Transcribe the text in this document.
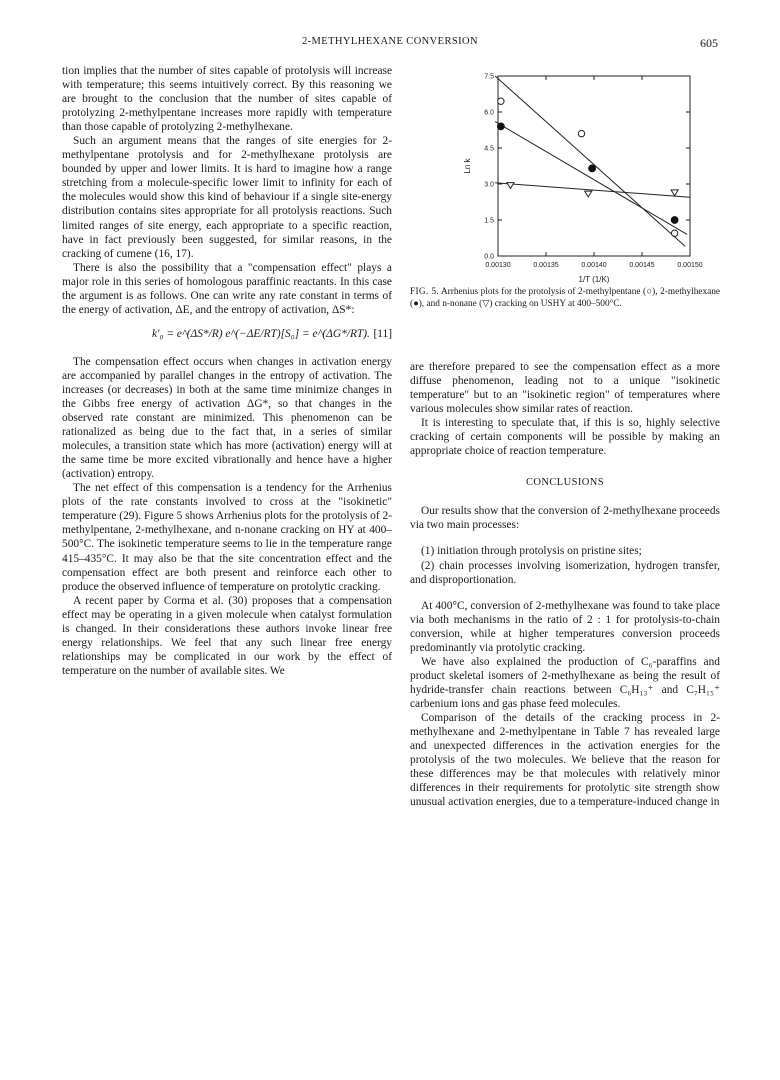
2-METHYLHEXANE CONVERSION	605

tion implies that the number of sites capable of protolysis will increase with temperature; this seems intuitively correct. By this reasoning we are brought to the conclusion that the number of sites capable of protolyzing 2-methylpentane increases more rapidly with temperature than those capable of protolyzing 2-methylhexane.

Such an argument means that the ranges of site energies for 2-methylpentane protolysis and for 2-methylhexane protolysis are bounded by upper and lower limits. It is hard to imagine how a range stretching from a molecule-specific lower limit to infinity for each of the molecules would show this kind of behaviour if a single site-energy distribution contains sites appropriate for all protolysis reactions. Such limited ranges of site energy, each appropriate to a specific reaction, have in fact previously been suggested, for similar reasons, in the cracking of cumene (16, 17).

There is also the possibility that a "compensation effect" plays a major role in this series of homologous paraffinic reactants. In this case the argument is as follows. One can write any rate constant in terms of the energy of activation, ΔE, and the entropy of activation, ΔS*:

k′₀ = e^(ΔS*/R) e^(−ΔE/RT)[S₀] = e^(ΔG*/RT). [11]

The compensation effect occurs when changes in activation energy are accompanied by parallel changes in the entropy of activation. The increases (or decreases) in both at the same time minimize changes in the Gibbs free energy of activation ΔG*, so that changes in the observed rate constant are minimized. This phenomenon can be rationalized as being due to the fact that, in a series of similar molecules, a transition state which has more (activation) energy will at the same time be more excited vibrationally and hence have a higher (activation) entropy.

The net effect of this compensation is a tendency for the Arrhenius plots of the rate constants involved to cross at the "isokinetic" temperature (29). Figure 5 shows Arrhenius plots for the protolysis of 2-methylpentane, 2-methylhexane, and n-nonane cracking on HY at 400–500°C. The isokinetic temperature seems to lie in the temperature range 415–435°C. It may also be that the site concentration effect and the compensation effect are both present and reinforce each other to produce the observed influence of temperature on protolytic cracking.

A recent paper by Corma et al. (30) proposes that a compensation effect may be operating in a given molecule when catalyst formulation is changed. In their considerations these authors invoke linear free energy relationships. We feel that any such linear free energy relationships may be complicated in our work by the effect of temperature on the number of available sites. We

0.00130	0.00135	0.00140	0.00145	0.00150
0.0
1.5
3.0
4.5
6.0
7.5
Ln k
1/T (1/K)
FIG. 5. Arrhenius plots for the protolysis of 2-methylpentane (○), 2-methylhexane (●), and n-nonane (▽) cracking on USHY at 400–500°C.

are therefore prepared to see the compensation effect as a more diffuse phenomenon, leading not to a unique "isokinetic temperature" but to an "isokinetic region" of temperatures where various molecules show similar rates of reaction.

It is interesting to speculate that, if this is so, highly selective cracking of certain components will be possible by making an appropriate choice of reaction temperature.

CONCLUSIONS

Our results show that the conversion of 2-methylhexane proceeds via two main processes:

(1) initiation through protolysis on pristine sites;

(2) chain processes involving isomerization, hydrogen transfer, and disproportionation.

At 400°C, conversion of 2-methylhexane was found to take place via both mechanisms in the ratio of 2 : 1 for protolysis-to-chain conversion, while at higher temperatures conversion proceeds predominantly via protolytic cracking.

We have also explained the production of C₆-paraffins and product skeletal isomers of 2-methylhexane as being the result of hydride-transfer chain reactions between C₆H₁₃⁺ and C₇H₁₅⁺ carbenium ions and gas phase feed molecules.

Comparison of the details of the cracking process in 2-methylhexane and 2-methylpentane in Table 7 has revealed large and unexpected differences in the activation energies for the protolysis of the two molecules. We believe that the reason for these differences may be that molecules with relatively minor differences in their requirements for protolytic site strength show unusual activation energies, due to a temperature-induced change in
